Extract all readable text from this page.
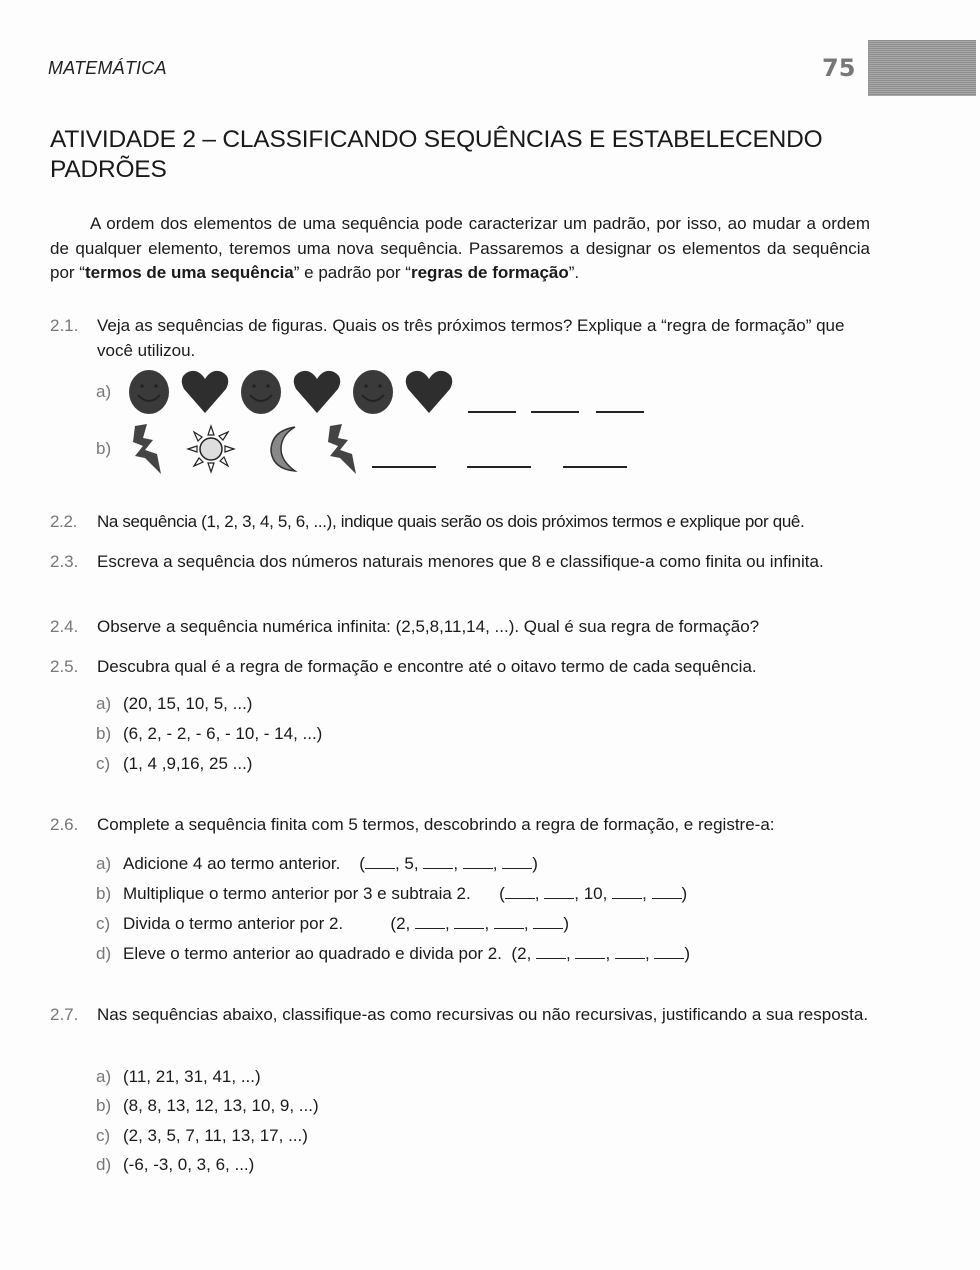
MATEMÁTICA	75
ATIVIDADE 2 – CLASSIFICANDO SEQUÊNCIAS E ESTABELECENDO PADRÕES
A ordem dos elementos de uma sequência pode caracterizar um padrão, por isso, ao mudar a ordem de qualquer elemento, teremos uma nova sequência. Passaremos a designar os elementos da sequência por “termos de uma sequência” e padrão por “regras de formação”.
2.1.	Veja as sequências de figuras. Quais os três próximos termos? Explique a “regra de formação” que você utilizou.
a)
b)
2.2.	Na sequência (1, 2, 3, 4, 5, 6, ...), indique quais serão os dois próximos termos e explique por quê.
2.3.	Escreva a sequência dos números naturais menores que 8 e classifique-a como finita ou infinita.
2.4.	Observe a sequência numérica infinita: (2,5,8,11,14, ...). Qual é sua regra de formação?
2.5.	Descubra qual é a regra de formação e encontre até o oitavo termo de cada sequência.
a) (20, 15, 10, 5, ...)
b) (6, 2, - 2, - 6, - 10, - 14, ...)
c) (1, 4 ,9,16, 25 ...)
2.6.	Complete a sequência finita com 5 termos, descobrindo a regra de formação, e registre-a:
a) Adicione 4 ao termo anterior. ( , 5, , , )
b) Multiplique o termo anterior por 3 e subtraia 2. ( , , 10, , )
c) Divida o termo anterior por 2.	(2, , , , )
d) Eleve o termo anterior ao quadrado e divida por 2. (2, , , , )
2.7.	Nas sequências abaixo, classifique-as como recursivas ou não recursivas, justificando a sua resposta.
a) (11, 21, 31, 41, ...)
b) (8, 8, 13, 12, 13, 10, 9, ...)
c) (2, 3, 5, 7, 11, 13, 17, ...)
d) (-6, -3, 0, 3, 6, ...)
